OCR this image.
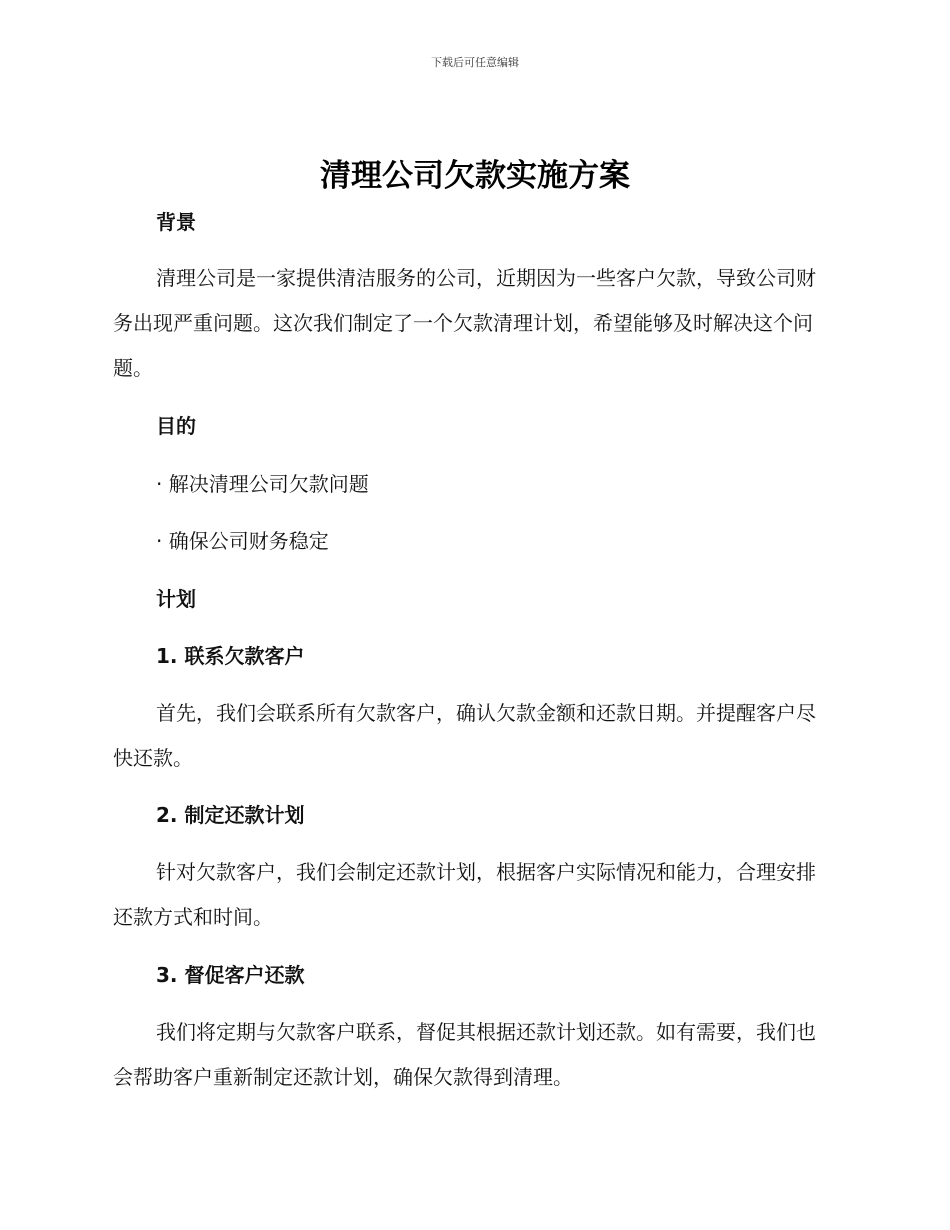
下载后可任意编辑
清理公司欠款实施方案
背景

清理公司是一家提供清洁服务的公司，近期因为一些客户欠款，导致公司财务出现严重问题。这次我们制定了一个欠款清理计划，希望能够及时解决这个问题。

目的
· 解决清理公司欠款问题
· 确保公司财务稳定
计划
1. 联系欠款客户

首先，我们会联系所有欠款客户，确认欠款金额和还款日期。并提醒客户尽快还款。

2. 制定还款计划

针对欠款客户，我们会制定还款计划，根据客户实际情况和能力，合理安排还款方式和时间。

3. 督促客户还款

我们将定期与欠款客户联系，督促其根据还款计划还款。如有需要，我们也会帮助客户重新制定还款计划，确保欠款得到清理。
